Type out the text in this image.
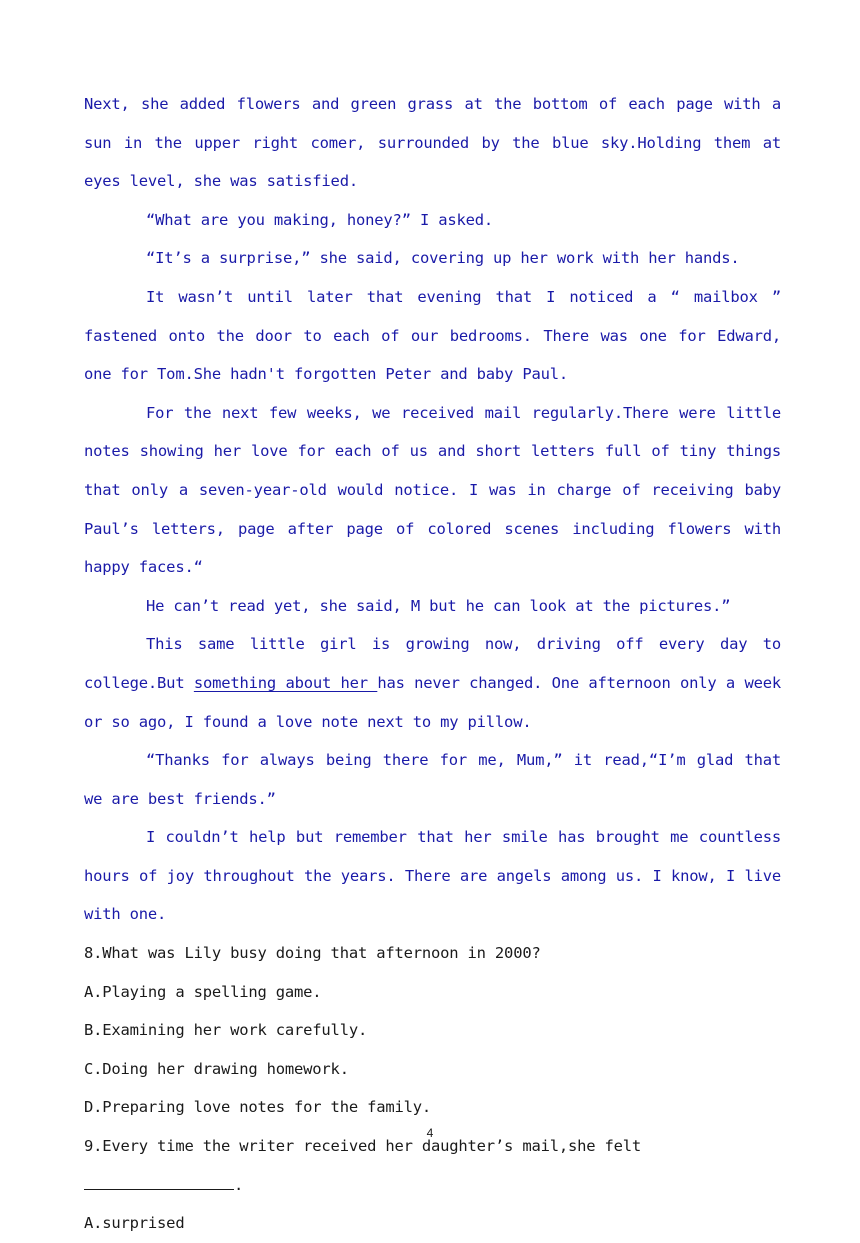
Next, she added flowers and green grass at the bottom of each page with a sun in the upper right comer, surrounded by the blue sky.Holding them at eyes level, she was satisfied.

“What are you making, honey?” I asked.

“It’s a surprise,” she said, covering up her work with her hands.

It wasn’t until later that evening that I noticed a “ mailbox ” fastened onto the door to each of our bedrooms. There was one for Edward, one for Tom.She hadn't forgotten Peter and baby Paul.

For the next few weeks, we received mail regularly.There were little notes showing her love for each of us and short letters full of tiny things that only a seven-year-old would notice. I was in charge of receiving baby Paul’s letters, page after page of colored scenes including flowers with happy faces.“

He can’t read yet, she said, M but he can look at the pictures.”

This same little girl is growing now, driving off every day to college.But something about her has never changed. One afternoon only a week or so ago, I found a love note next to my pillow.

“Thanks for always being there for me, Mum,” it read,“I’m glad that we are best friends.”

I couldn’t help but remember that her smile has brought me countless hours of joy throughout the years. There are angels among us. I know, I live with one.

8.What was Lily busy doing that afternoon in 2000?

A.Playing a spelling game.

B.Examining her work carefully.

C.Doing her drawing homework.

D.Preparing love notes for the family.

9.Every time the writer received her daughter’s mail,she felt.

A.surprised

4
